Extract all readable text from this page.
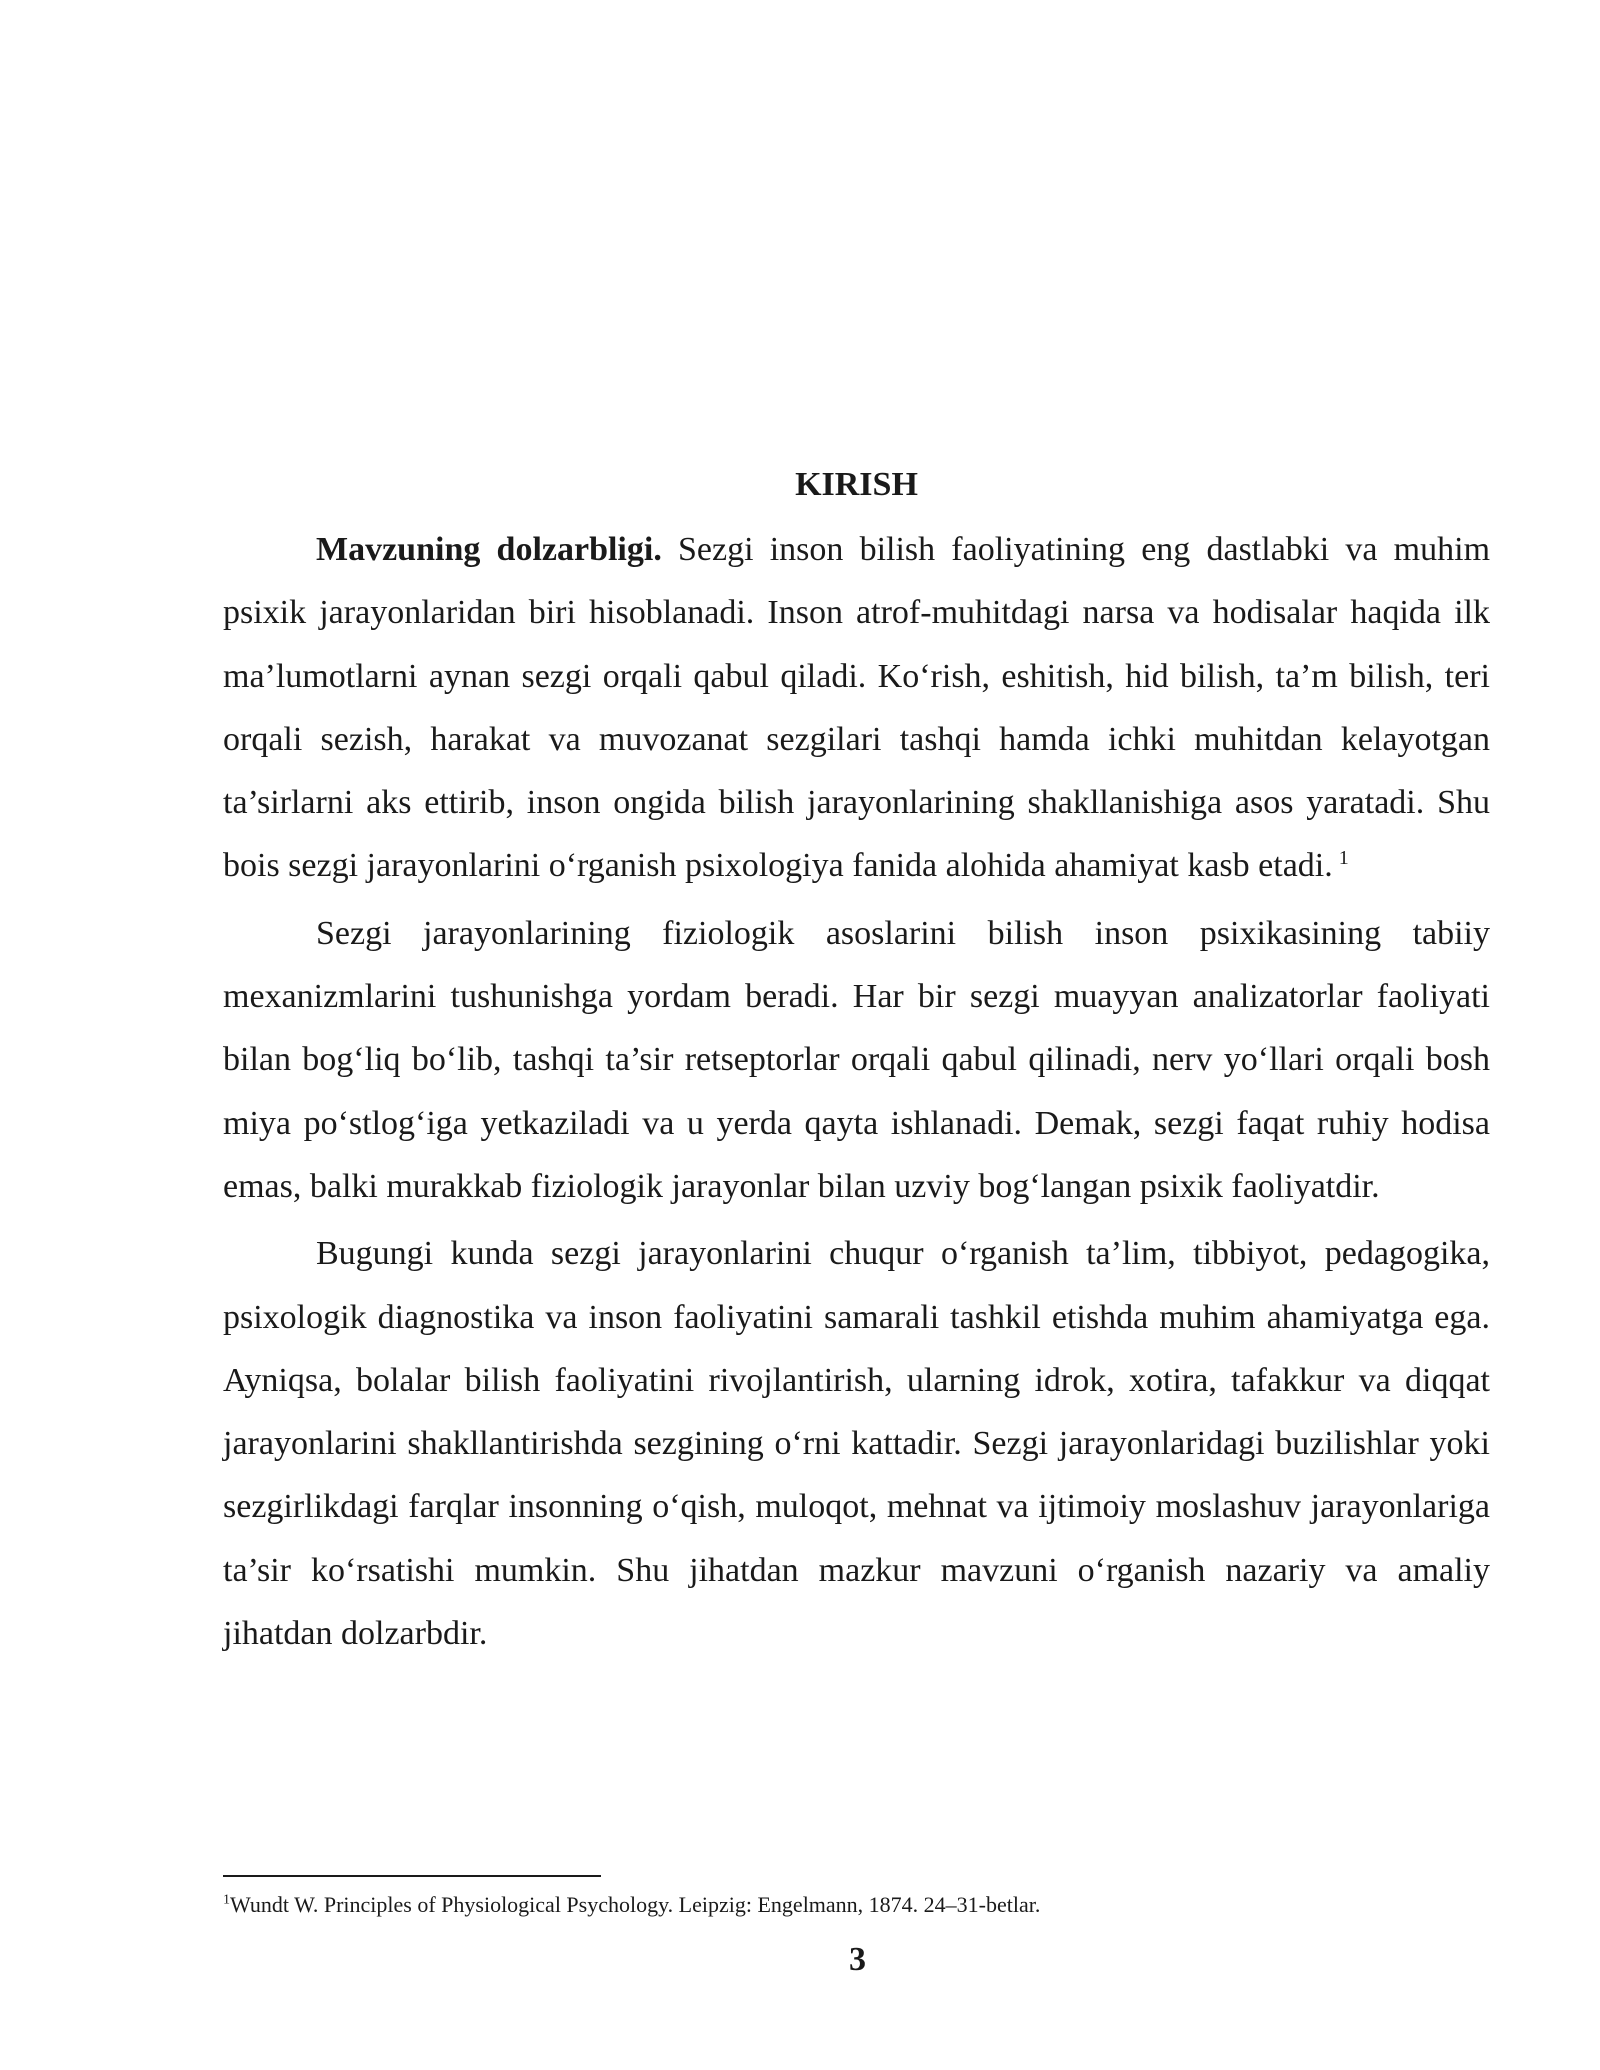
KIRISH

Mavzuning dolzarbligi. Sezgi inson bilish faoliyatining eng dastlabki va muhim psixik jarayonlaridan biri hisoblanadi. Inson atrof-muhitdagi narsa va hodisalar haqida ilk ma’lumotlarni aynan sezgi orqali qabul qiladi. Ko‘rish, eshitish, hid bilish, ta’m bilish, teri orqali sezish, harakat va muvozanat sezgilari tashqi hamda ichki muhitdan kelayotgan ta’sirlarni aks ettirib, inson ongida bilish jarayonlarining shakllanishiga asos yaratadi. Shu bois sezgi jarayonlarini o‘rganish psixologiya fanida alohida ahamiyat kasb etadi. $^1$

Sezgi jarayonlarining fiziologik asoslarini bilish inson psixikasining tabiiy mexanizmlarini tushunishga yordam beradi. Har bir sezgi muayyan analizatorlar faoliyati bilan bog‘liq bo‘lib, tashqi ta’sir retseptorlar orqali qabul qilinadi, nerv yo‘llari orqali bosh miya po‘stlog‘iga yetkaziladi va u yerda qayta ishlanadi. Demak, sezgi faqat ruhiy hodisa emas, balki murakkab fiziologik jarayonlar bilan uzviy bog‘langan psixik faoliyatdir.

Bugungi kunda sezgi jarayonlarini chuqur o‘rganish ta’lim, tibbiyot, pedagogika, psixologik diagnostika va inson faoliyatini samarali tashkil etishda muhim ahamiyatga ega. Ayniqsa, bolalar bilish faoliyatini rivojlantirish, ularning idrok, xotira, tafakkur va diqqat jarayonlarini shakllantirishda sezgining o‘rni kattadir. Sezgi jarayonlaridagi buzilishlar yoki sezgirlikdagi farqlar insonning o‘qish, muloqot, mehnat va ijtimoiy moslashuv jarayonlariga ta’sir ko‘rsatishi mumkin. Shu jihatdan mazkur mavzuni o‘rganish nazariy va amaliy jihatdan dolzarbdir.

$^1$Wundt W. Principles of Physiological Psychology. Leipzig: Engelmann, 1874. 24–31-betlar.
3
